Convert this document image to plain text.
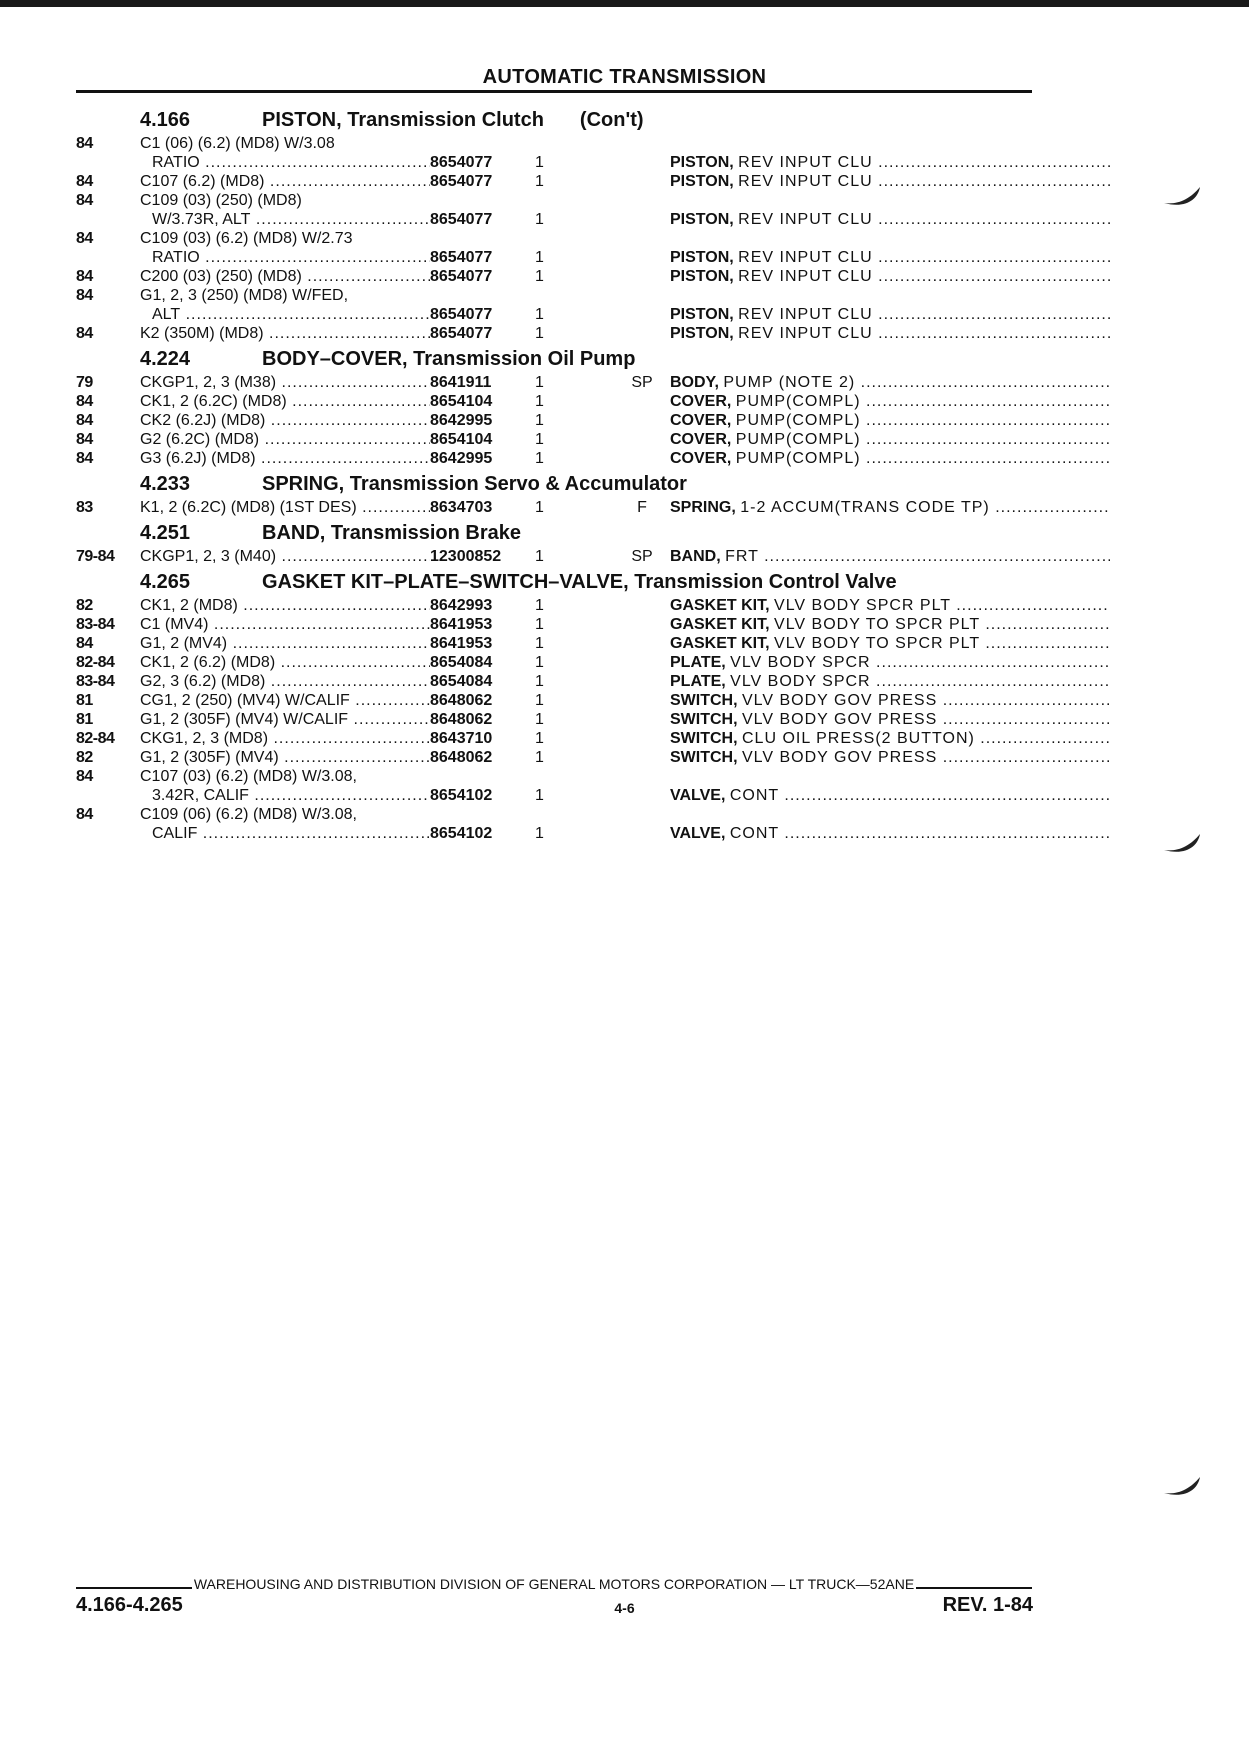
AUTOMATIC TRANSMISSION
4.166	PISTON, Transmission Clutch (Con't)
84	C1 (06) (6.2) (MD8) W/3.08
RATIO .....	8654077	1	PISTON, REV INPUT CLU .....
84	C107 (6.2) (MD8) .....	8654077	1	PISTON, REV INPUT CLU .....
84	C109 (03) (250) (MD8)
W/3.73R, ALT .....	8654077	1	PISTON, REV INPUT CLU .....
84	C109 (03) (6.2) (MD8) W/2.73
RATIO .....	8654077	1	PISTON, REV INPUT CLU .....
84	C200 (03) (250) (MD8) .....	8654077	1	PISTON, REV INPUT CLU .....
84	G1, 2, 3 (250) (MD8) W/FED,
ALT .....	8654077	1	PISTON, REV INPUT CLU .....
84	K2 (350M) (MD8) .....	8654077	1	PISTON, REV INPUT CLU .....
4.224	BODY–COVER, Transmission Oil Pump
79	CKGP1, 2, 3 (M38) .....	8641911	1	SP	BODY, PUMP (NOTE 2) .....
84	CK1, 2 (6.2C) (MD8) .....	8654104	1	COVER, PUMP(COMPL) .....
84	CK2 (6.2J) (MD8) .....	8642995	1	COVER, PUMP(COMPL) .....
84	G2 (6.2C) (MD8) .....	8654104	1	COVER, PUMP(COMPL) .....
84	G3 (6.2J) (MD8) .....	8642995	1	COVER, PUMP(COMPL) .....
4.233	SPRING, Transmission Servo & Accumulator
83	K1, 2 (6.2C) (MD8) (1ST DES) .....	8634703	1	F	SPRING, 1-2 ACCUM(TRANS CODE TP) .....
4.251	BAND, Transmission Brake
79-84	CKGP1, 2, 3 (M40) .....	12300852	1	SP	BAND, FRT .....
4.265	GASKET KIT–PLATE–SWITCH–VALVE, Transmission Control Valve
82	CK1, 2 (MD8) .....	8642993	1	GASKET KIT, VLV BODY SPCR PLT .....
83-84	C1 (MV4) .....	8641953	1	GASKET KIT, VLV BODY TO SPCR PLT .....
84	G1, 2 (MV4) .....	8641953	1	GASKET KIT, VLV BODY TO SPCR PLT .....
82-84	CK1, 2 (6.2) (MD8) .....	8654084	1	PLATE, VLV BODY SPCR .....
83-84	G2, 3 (6.2) (MD8) .....	8654084	1	PLATE, VLV BODY SPCR .....
81	CG1, 2 (250) (MV4) W/CALIF .....	8648062	1	SWITCH, VLV BODY GOV PRESS .....
81	G1, 2 (305F) (MV4) W/CALIF .....	8648062	1	SWITCH, VLV BODY GOV PRESS .....
82-84	CKG1, 2, 3 (MD8) .....	8643710	1	SWITCH, CLU OIL PRESS(2 BUTTON) .....
82	G1, 2 (305F) (MV4) .....	8648062	1	SWITCH, VLV BODY GOV PRESS .....
84	C107 (03) (6.2) (MD8) W/3.08,
3.42R, CALIF .....	8654102	1	VALVE, CONT .....
84	C109 (06) (6.2) (MD8) W/3.08,
CALIF .....	8654102	1	VALVE, CONT .....
WAREHOUSING AND DISTRIBUTION DIVISION OF GENERAL MOTORS CORPORATION — LT TRUCK—52ANE
4.166-4.265	4-6	REV. 1-84
